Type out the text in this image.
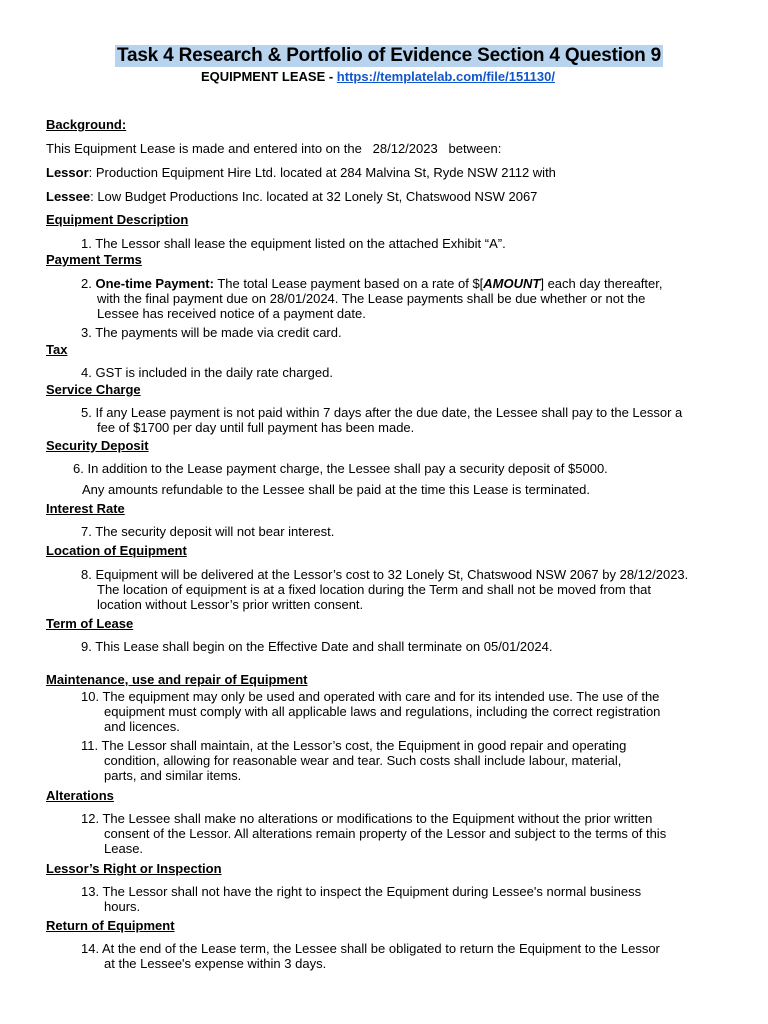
Task 4 Research & Portfolio of Evidence Section 4 Question 9
EQUIPMENT LEASE - https://templatelab.com/file/151130/
Background:
This Equipment Lease is made and entered into on the   28/12/2023   between:
Lessor: Production Equipment Hire Ltd. located at 284 Malvina St, Ryde NSW 2112 with
Lessee: Low Budget Productions Inc. located at 32 Lonely St, Chatswood NSW 2067
Equipment Description
1. The Lessor shall lease the equipment listed on the attached Exhibit “A”.
Payment Terms
2. One-time Payment: The total Lease payment based on a rate of $[AMOUNT] each day thereafter, with the final payment due on 28/01/2024. The Lease payments shall be due whether or not the Lessee has received notice of a payment date.
3. The payments will be made via credit card.
Tax
4. GST is included in the daily rate charged.
Service Charge
5. If any Lease payment is not paid within 7 days after the due date, the Lessee shall pay to the Lessor a fee of $1700 per day until full payment has been made.
Security Deposit
6. In addition to the Lease payment charge, the Lessee shall pay a security deposit of $5000.
Any amounts refundable to the Lessee shall be paid at the time this Lease is terminated.
Interest Rate
7. The security deposit will not bear interest.
Location of Equipment
8. Equipment will be delivered at the Lessor’s cost to 32 Lonely St, Chatswood NSW 2067 by 28/12/2023. The location of equipment is at a fixed location during the Term and shall not be moved from that location without Lessor’s prior written consent.
Term of Lease
9. This Lease shall begin on the Effective Date and shall terminate on 05/01/2024.
Maintenance, use and repair of Equipment
10. The equipment may only be used and operated with care and for its intended use. The use of the equipment must comply with all applicable laws and regulations, including the correct registration and licences.
11. The Lessor shall maintain, at the Lessor’s cost, the Equipment in good repair and operating condition, allowing for reasonable wear and tear. Such costs shall include labour, material, parts, and similar items.
Alterations
12. The Lessee shall make no alterations or modifications to the Equipment without the prior written consent of the Lessor. All alterations remain property of the Lessor and subject to the terms of this Lease.
Lessor’s Right or Inspection
13. The Lessor shall not have the right to inspect the Equipment during Lessee's normal business hours.
Return of Equipment
14. At the end of the Lease term, the Lessee shall be obligated to return the Equipment to the Lessor at the Lessee's expense within 3 days.
